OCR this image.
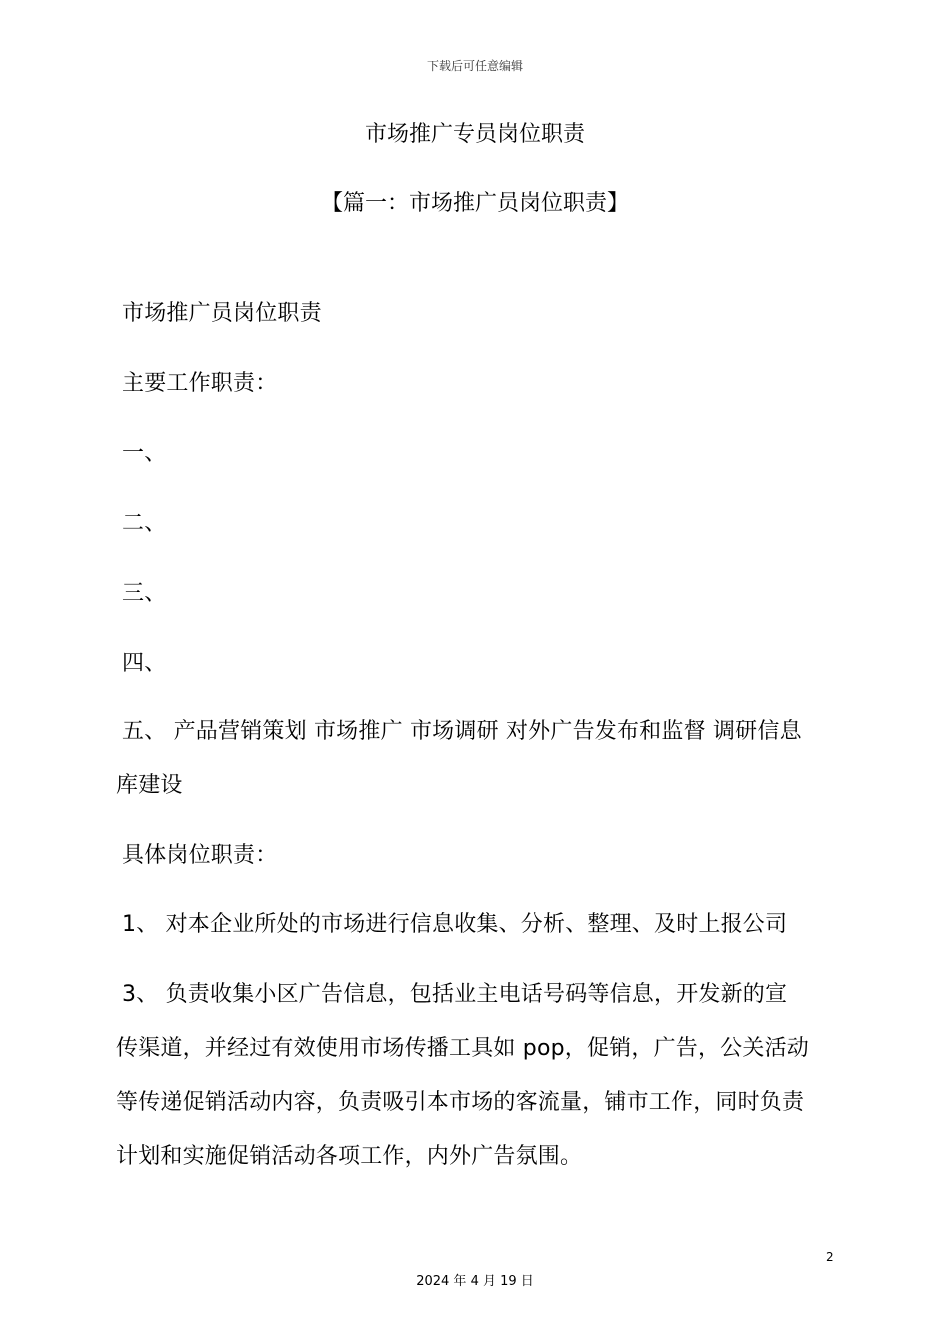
下载后可任意编辑
市场推广专员岗位职责
【篇一：市场推广员岗位职责】
市场推广员岗位职责
主要工作职责：
一、
二、
三、
四、
五、 产品营销策划 市场推广 市场调研 对外广告发布和监督 调研信息
库建设
具体岗位职责：
1、 对本企业所处的市场进行信息收集、分析、整理、及时上报公司
3、 负责收集小区广告信息，包括业主电话号码等信息，开发新的宣
传渠道，并经过有效使用市场传播工具如 pop，促销，广告，公关活动
等传递促销活动内容，负责吸引本市场的客流量，铺市工作，同时负责
计划和实施促销活动各项工作，内外广告氛围。
2
2024 年 4 月 19 日
